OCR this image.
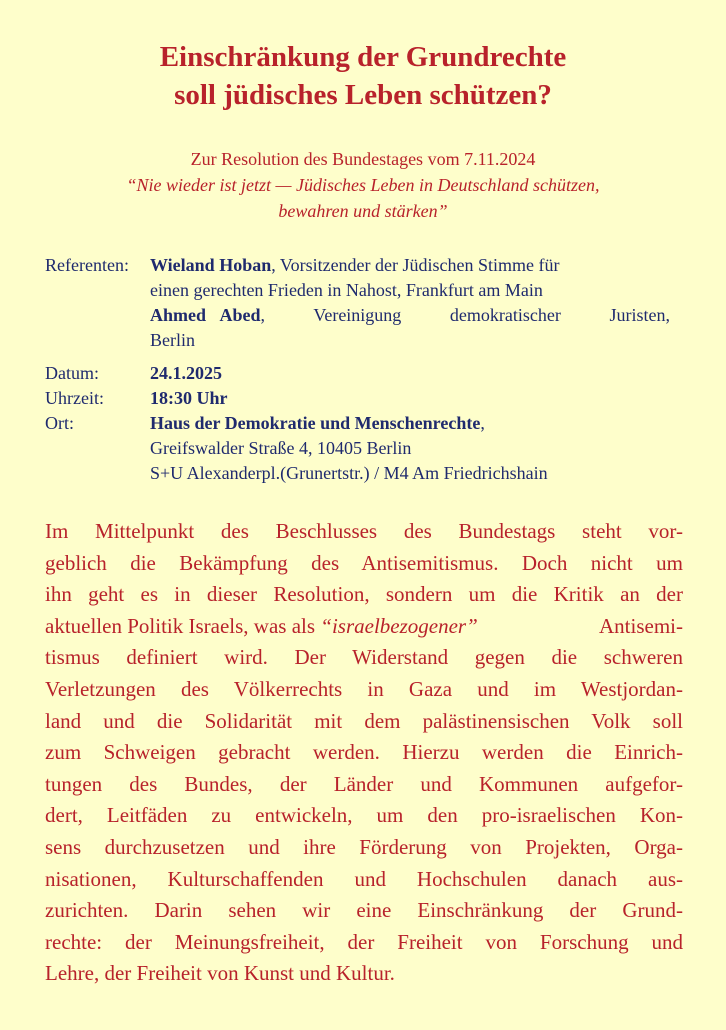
Einschränkung der Grundrechte
soll jüdisches Leben schützen?
Zur Resolution des Bundestages vom 7.11.2024
“Nie wieder ist jetzt — Jüdisches Leben in Deutschland schützen,
bewahren und stärken”
Referenten:	Wieland Hoban, Vorsitzender der Jüdischen Stimme für
einen gerechten Frieden in Nahost, Frankfurt am Main
Ahmed Abed , Vereinigung demokratischer Juristen,
Berlin
Datum:	24.1.2025
Uhrzeit:	18:30 Uhr
Ort:	Haus der Demokratie und Menschenrechte,
Greifswalder Straße 4, 10405 Berlin
S+U Alexanderpl.(Grunertstr.) / M4 Am Friedrichshain
Im Mittelpunkt des Beschlusses des Bundestags steht vor-
geblich die Bekämpfung des Antisemitismus. Doch nicht um
ihn geht es in dieser Resolution, sondern um die Kritik an der
aktuellen Politik Israels, was als “israelbezogener” Antisemi-
tismus definiert wird. Der Widerstand gegen die schweren
Verletzungen des Völkerrechts in Gaza und im Westjordan-
land und die Solidarität mit dem palästinensischen Volk soll
zum Schweigen gebracht werden. Hierzu werden die Einrich-
tungen des Bundes, der Länder und Kommunen aufgefor-
dert, Leitfäden zu entwickeln, um den pro-israelischen Kon-
sens durchzusetzen und ihre Förderung von Projekten, Orga-
nisationen, Kulturschaffenden und Hochschulen danach aus-
zurichten. Darin sehen wir eine Einschränkung der Grund-
rechte: der Meinungsfreiheit, der Freiheit von Forschung und
Lehre, der Freiheit von Kunst und Kultur.
